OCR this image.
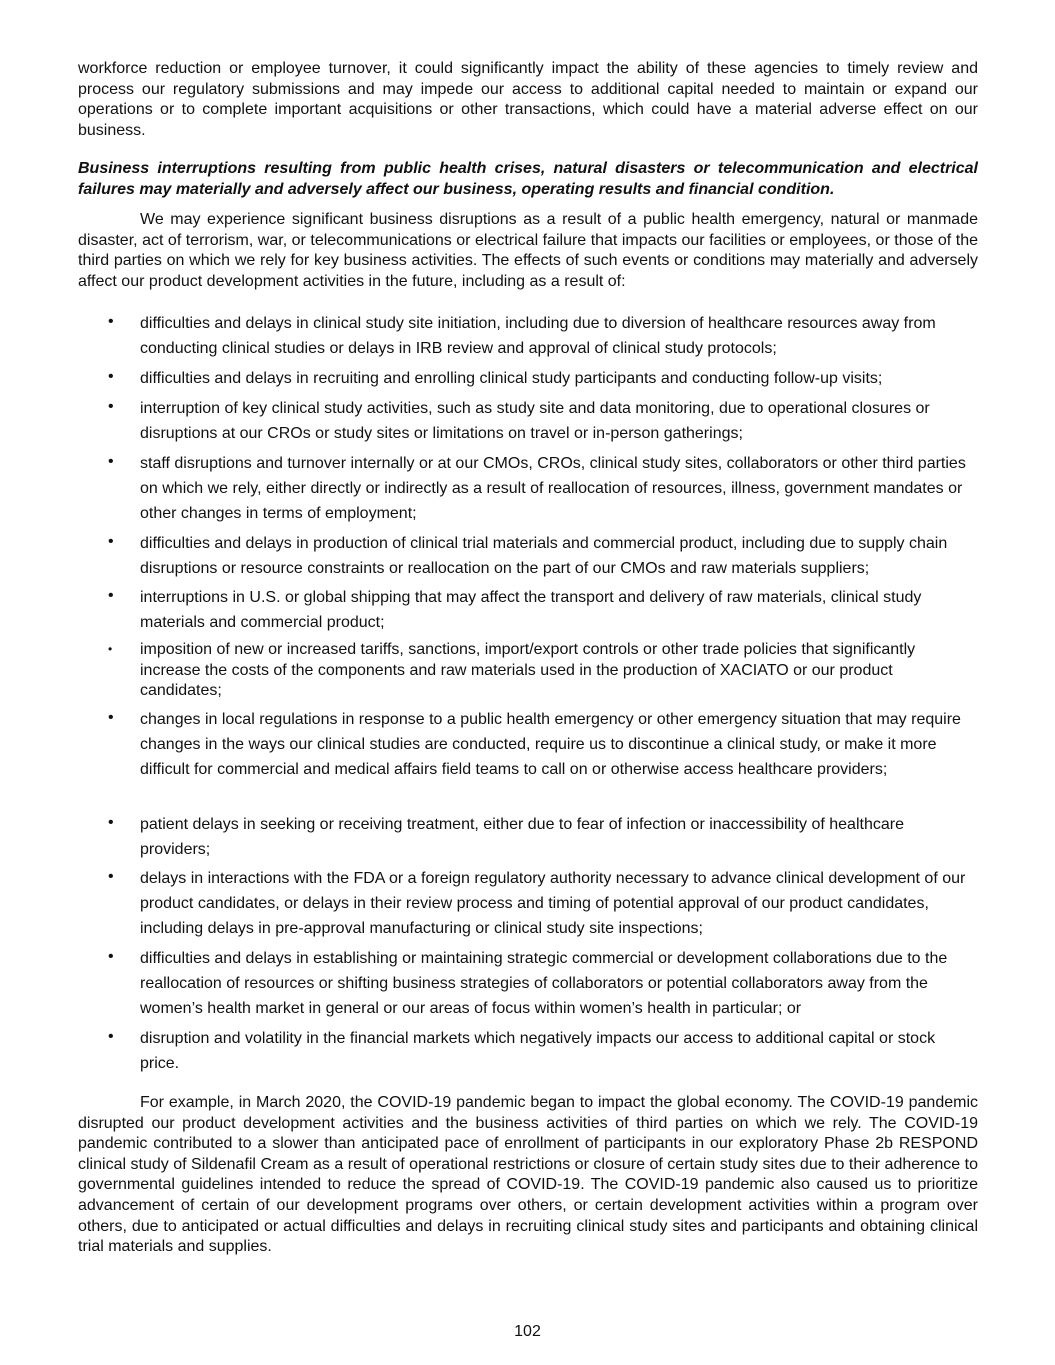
workforce reduction or employee turnover, it could significantly impact the ability of these agencies to timely review and process our regulatory submissions and may impede our access to additional capital needed to maintain or expand our operations or to complete important acquisitions or other transactions, which could have a material adverse effect on our business.

Business interruptions resulting from public health crises, natural disasters or telecommunication and electrical failures may materially and adversely affect our business, operating results and financial condition.

We may experience significant business disruptions as a result of a public health emergency, natural or manmade disaster, act of terrorism, war, or telecommunications or electrical failure that impacts our facilities or employees, or those of the third parties on which we rely for key business activities. The effects of such events or conditions may materially and adversely affect our product development activities in the future, including as a result of:

• difficulties and delays in clinical study site initiation, including due to diversion of healthcare resources away from conducting clinical studies or delays in IRB review and approval of clinical study protocols;
• difficulties and delays in recruiting and enrolling clinical study participants and conducting follow-up visits;
• interruption of key clinical study activities, such as study site and data monitoring, due to operational closures or disruptions at our CROs or study sites or limitations on travel or in-person gatherings;
• staff disruptions and turnover internally or at our CMOs, CROs, clinical study sites, collaborators or other third parties on which we rely, either directly or indirectly as a result of reallocation of resources, illness, government mandates or other changes in terms of employment;
• difficulties and delays in production of clinical trial materials and commercial product, including due to supply chain disruptions or resource constraints or reallocation on the part of our CMOs and raw materials suppliers;
• interruptions in U.S. or global shipping that may affect the transport and delivery of raw materials, clinical study materials and commercial product;
• imposition of new or increased tariffs, sanctions, import/export controls or other trade policies that significantly increase the costs of the components and raw materials used in the production of XACIATO or our product candidates;
• changes in local regulations in response to a public health emergency or other emergency situation that may require changes in the ways our clinical studies are conducted, require us to discontinue a clinical study, or make it more difficult for commercial and medical affairs field teams to call on or otherwise access healthcare providers;
• patient delays in seeking or receiving treatment, either due to fear of infection or inaccessibility of healthcare providers;
• delays in interactions with the FDA or a foreign regulatory authority necessary to advance clinical development of our product candidates, or delays in their review process and timing of potential approval of our product candidates, including delays in pre-approval manufacturing or clinical study site inspections;
• difficulties and delays in establishing or maintaining strategic commercial or development collaborations due to the reallocation of resources or shifting business strategies of collaborators or potential collaborators away from the women’s health market in general or our areas of focus within women’s health in particular; or
• disruption and volatility in the financial markets which negatively impacts our access to additional capital or stock price.

For example, in March 2020, the COVID-19 pandemic began to impact the global economy. The COVID-19 pandemic disrupted our product development activities and the business activities of third parties on which we rely. The COVID-19 pandemic contributed to a slower than anticipated pace of enrollment of participants in our exploratory Phase 2b RESPOND clinical study of Sildenafil Cream as a result of operational restrictions or closure of certain study sites due to their adherence to governmental guidelines intended to reduce the spread of COVID-19. The COVID-19 pandemic also caused us to prioritize advancement of certain of our development programs over others, or certain development activities within a program over others, due to anticipated or actual difficulties and delays in recruiting clinical study sites and participants and obtaining clinical trial materials and supplies.

102
